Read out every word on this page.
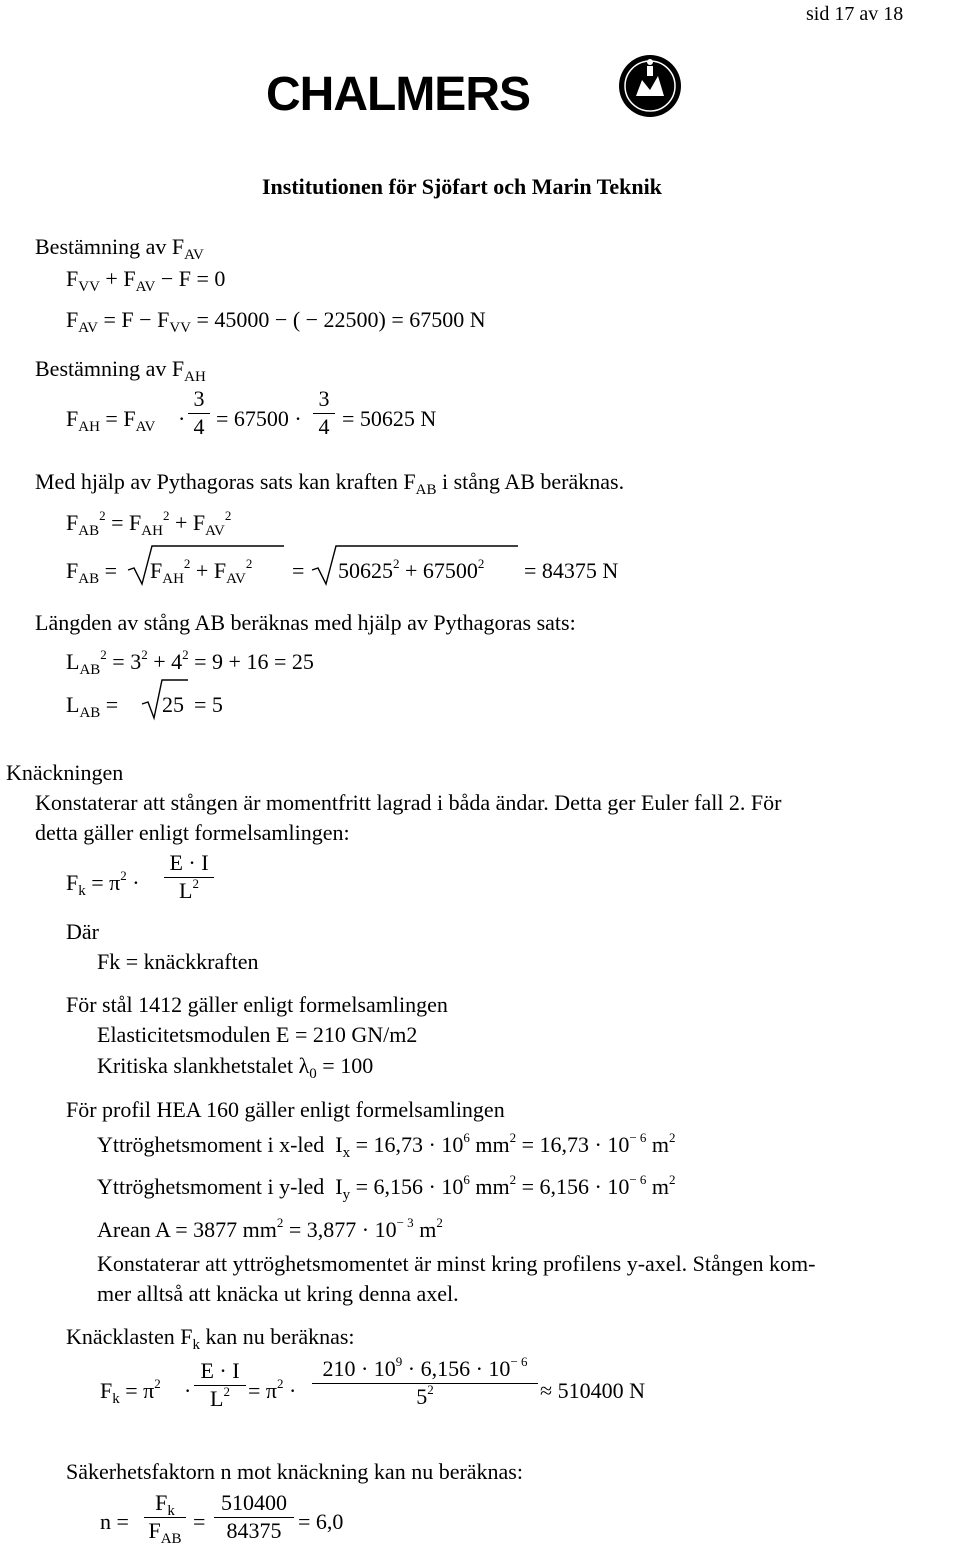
sid 17 av 18
CHALMERS
Institutionen för Sjöfart och Marin Teknik
Bestämning av $F_{AV}$
$F_{VV} + F_{AV} - F = 0$
$F_{AV} = F - F_{VV} = 45000$ − ( − 22500) = 67500 N
Bestämning av $F_{AH}$
$F_{AH} = F_{AV}$	·
3
4 = 67500 ·
3
4 = 50625 N
Med hjälp av Pythagoras sats kan kraften $F_{AB}$ i stång AB beräknas.
$F_{AB}^2 = F_{AH}^2 + F_{AV}^2$
$F_{AB} = F_{AH}^2 + F_{AV}^2 = 50625^2 + 67500^2 = 84375$ N
Längden av stång AB beräknas med hjälp av Pythagoras sats:
$L_{AB}^2 = 3^2 + 4^2 = 9 + 16 = 25$
$L_{AB} = 25 = 5$
Knäckningen
Konstaterar att stången är momentfritt lagrad i båda ändar. Detta ger Euler fall 2. För
detta gäller enligt formelsamlingen:
$F_k = \pi^2$ ·
E · I
$L^2$
Där
Fk = knäckkraften
För stål 1412 gäller enligt formelsamlingen
Elasticitetsmodulen E = 210 GN/m2
Kritiska slankhetstalet $\lambda_0 = 100$
För profil HEA 160 gäller enligt formelsamlingen
Yttröghetsmoment i x-led $I_x = 16,73 \cdot 10^6$ $mm^2 = 16,73 \cdot 10^{- 6}$ $m^2$
Yttröghetsmoment i y-led $I_y = 6,156 \cdot 10^6$ $mm^2 = 6,156 \cdot 10^{- 6}$ $m^2$
Arean A = 3877 $mm^2 = 3,877 \cdot 10^{- 3}$ $m^2$
Konstaterar att yttröghetsmomentet är minst kring profilens y-axel. Stången kom-
mer alltså att knäcka ut kring denna axel.
Knäcklasten $F_k$ kan nu beräknas:
$F_k = \pi^2$ ·
E · I
$L^2 = \pi^2$ ·
$210 \cdot 10^9 \cdot 6,156 \cdot 10^{- 6}$
$5^2$	≈ 510400 N
Säkerhetsfaktorn n mot knäckning kan nu beräknas:
n =
$F_k$
$F_{AB}$
=
510400
84375 = 6,0
